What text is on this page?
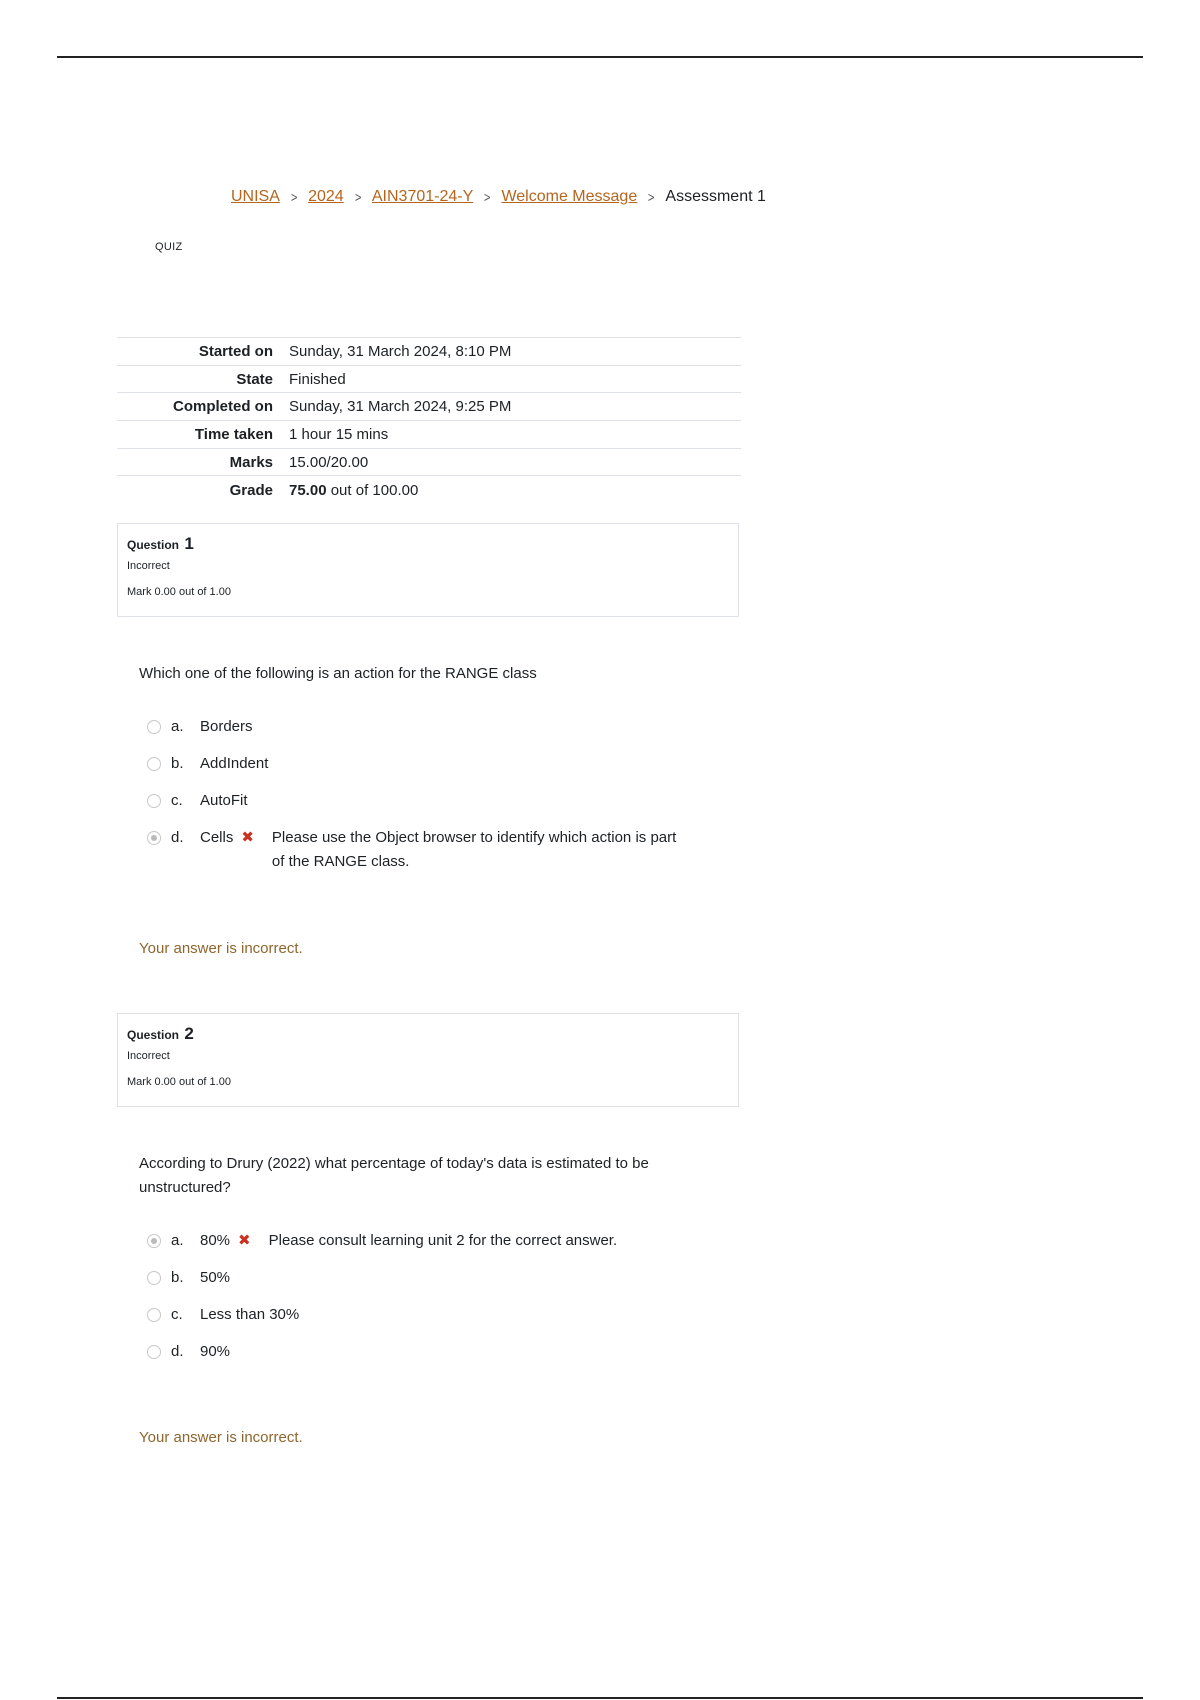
UNISA > 2024 > AIN3701-24-Y > Welcome Message > Assessment 1
QUIZ
Started on	Sunday, 31 March 2024, 8:10 PM
State	Finished
Completed on	Sunday, 31 March 2024, 9:25 PM
Time taken	1 hour 15 mins
Marks	15.00/20.00
Grade	75.00 out of 100.00
Question 1
Incorrect
Mark 0.00 out of 1.00
Which one of the following is an action for the RANGE class
a.	Borders
b.	AddIndent
c.	AutoFit
d.	Cells ✖ Please use the Object browser to identify which action is part of the RANGE class.
Your answer is incorrect.
Question 2
Incorrect
Mark 0.00 out of 1.00
According to Drury (2022) what percentage of today's data is estimated to be unstructured?
a.	80% ✖ Please consult learning unit 2 for the correct answer.
b.	50%
c.	Less than 30%
d.	90%
Your answer is incorrect.
